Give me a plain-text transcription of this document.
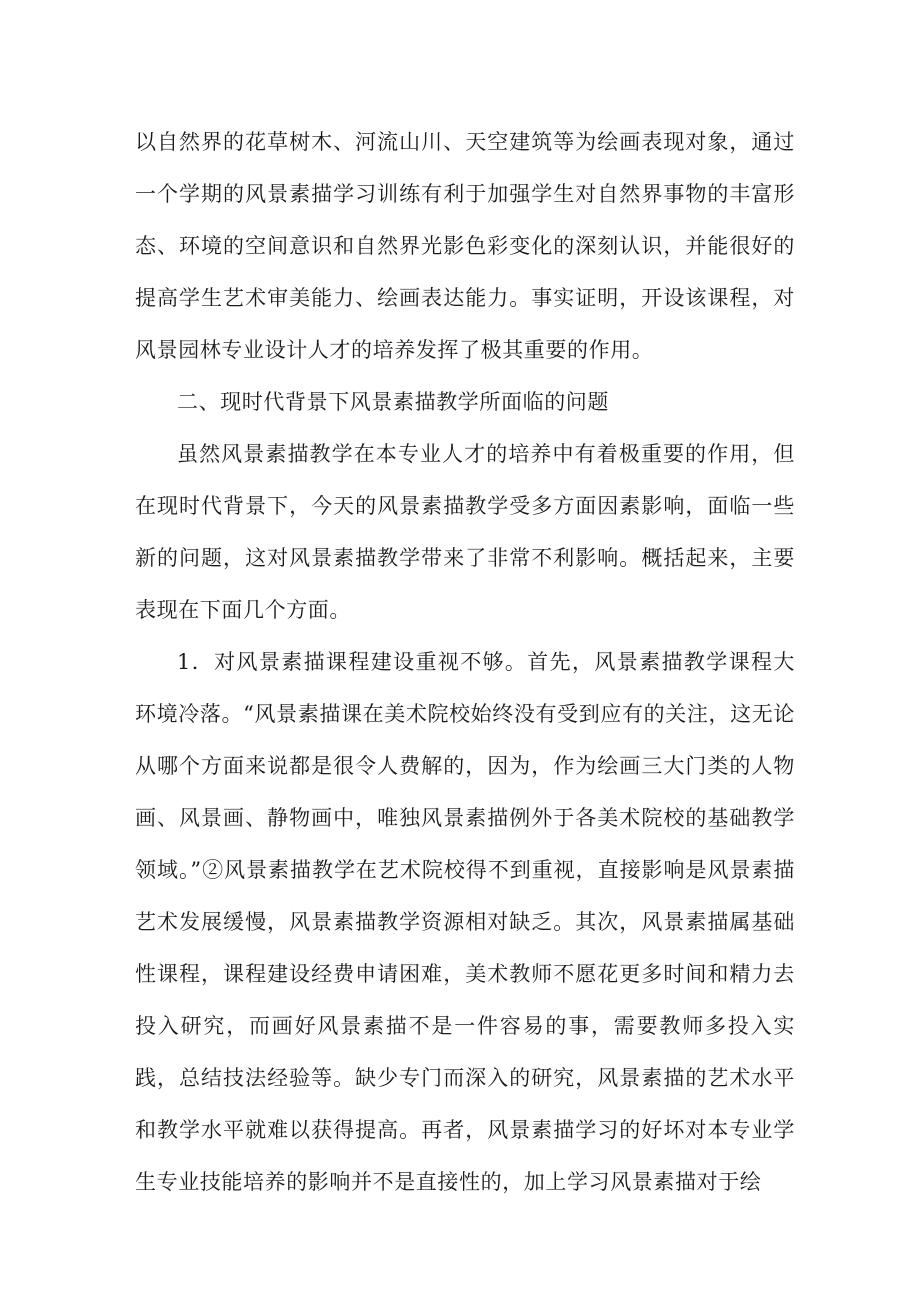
以自然界的花草树木、河流山川、天空建筑等为绘画表现对象，通过一个学期的风景素描学习训练有利于加强学生对自然界事物的丰富形态、环境的空间意识和自然界光影色彩变化的深刻认识，并能很好的提高学生艺术审美能力、绘画表达能力。事实证明，开设该课程，对风景园林专业设计人才的培养发挥了极其重要的作用。

二、现时代背景下风景素描教学所面临的问题

虽然风景素描教学在本专业人才的培养中有着极重要的作用，但在现时代背景下，今天的风景素描教学受多方面因素影响，面临一些新的问题，这对风景素描教学带来了非常不利影响。概括起来，主要表现在下面几个方面。

1．对风景素描课程建设重视不够。首先，风景素描教学课程大环境冷落。“风景素描课在美术院校始终没有受到应有的关注，这无论从哪个方面来说都是很令人费解的，因为，作为绘画三大门类的人物画、风景画、静物画中，唯独风景素描例外于各美术院校的基础教学领域。”②风景素描教学在艺术院校得不到重视，直接影响是风景素描艺术发展缓慢，风景素描教学资源相对缺乏。其次，风景素描属基础性课程，课程建设经费申请困难，美术教师不愿花更多时间和精力去投入研究，而画好风景素描不是一件容易的事，需要教师多投入实践，总结技法经验等。缺少专门而深入的研究，风景素描的艺术水平和教学水平就难以获得提高。再者，风景素描学习的好坏对本专业学生专业技能培养的影响并不是直接性的，加上学习风景素描对于绘
